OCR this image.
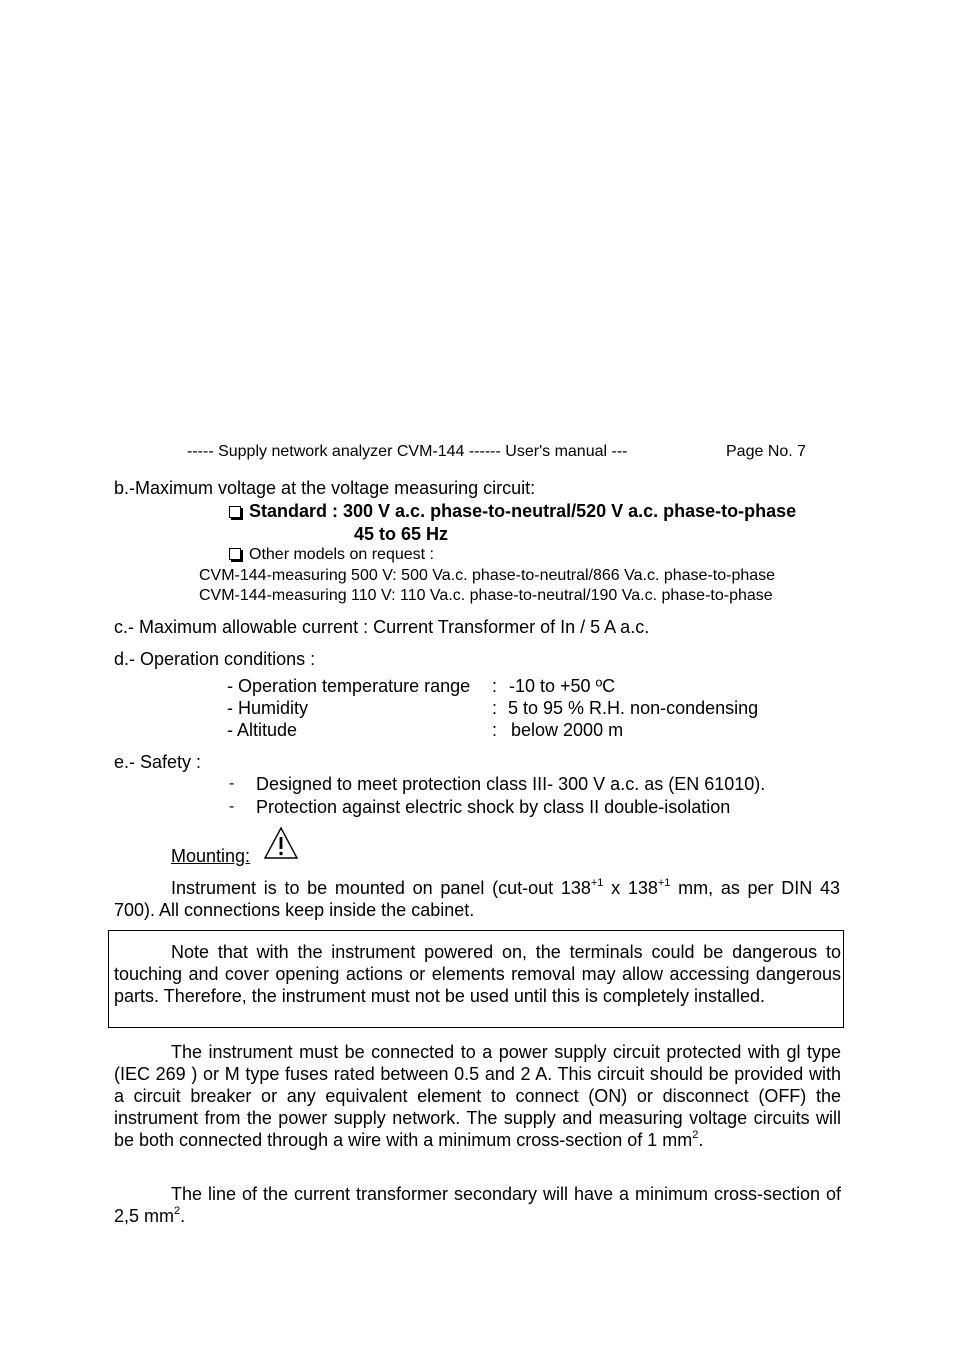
----- Supply network analyzer CVM-144 ------ User's manual ---	Page No. 7
b.-Maximum voltage at the voltage measuring circuit:
Standard : 300 V a.c. phase-to-neutral/520 V a.c. phase-to-phase
45 to 65 Hz
Other models on request :
CVM-144-measuring 500 V: 500 Va.c. phase-to-neutral/866 Va.c. phase-to-phase
CVM-144-measuring 110 V: 110 Va.c. phase-to-neutral/190 Va.c. phase-to-phase
c.- Maximum allowable current : Current Transformer of In / 5 A a.c.
d.- Operation conditions :
- Operation temperature range : -10 to +50 ºC
- Humidity	: 5 to 95 % R.H. non-condensing
- Altitude	: below 2000 m
e.- Safety :
- Designed to meet protection class III- 300 V a.c. as (EN 61010).
- Protection against electric shock by class II double-isolation
Mounting:
Instrument is to be mounted on panel (cut-out $138^{+1}$ x $138^{+1}$ mm, as per DIN 43 700). All connections keep inside the cabinet.
Note that with the instrument powered on, the terminals could be dangerous to touching and cover opening actions or elements removal may allow accessing dangerous parts. Therefore, the instrument must not be used until this is completely installed.
The instrument must be connected to a power supply circuit protected with gl type (IEC 269 ) or M type fuses rated between 0.5 and 2 A. This circuit should be provided with a circuit breaker or any equivalent element to connect (ON) or disconnect (OFF) the instrument from the power supply network. The supply and measuring voltage circuits will be both connected through a wire with a minimum cross-section of 1 $mm^2$.
The line of the current transformer secondary will have a minimum cross-section of 2,5 $mm^2$.
